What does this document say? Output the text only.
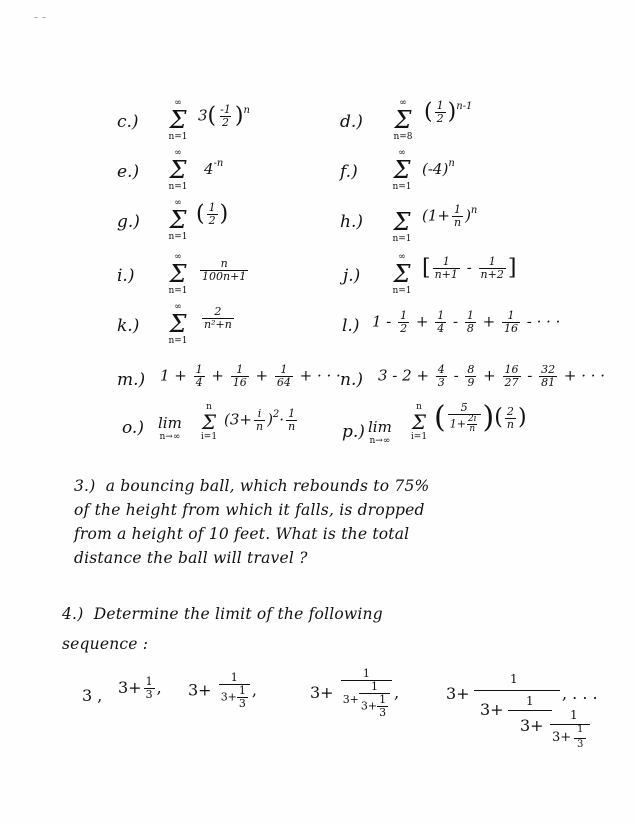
- -
c.)
∞
Σ
n=1
$3( \frac{-1}{2} )^n$
d.)
∞
Σ
n=8
( $\frac{1}{2} )^{n-1}$
e.)
∞
Σ
n=1
$4^{-n}$	f.)
∞
Σ
n=1
$(-4)^n$
g.)
∞
Σ
n=1
( $\frac{1}{2}$ )	h.) Σ
n=1
$(1+ \frac{1}{n} )^n$
i.)
∞
Σ
n=1
$\frac{n}{100n+1}$	j.)
∞
Σ
n=1
[ $\frac{1}{n+1} - \frac{1}{n+2}$ ]
k.)
∞
Σ
n=1
$\frac{2}{\text{n²+n}}$	l.) $1 - \frac{1}{2} + \frac{1}{4} - \frac{1}{8} + \frac{1}{16}$ - · · ·
m.) $1 + \frac{1}{4} + \frac{1}{16} + \frac{1}{64}$ + · · · n.) $3 - 2 + \frac{4}{3} - \frac{8}{9} + \frac{16}{27} - \frac{32}{81}$ + · · ·
o.) lim
n→∞
n
Σ
i=1
$(3+ \frac{i}{n} )^2\cdot \frac{1}{n}$	p.) lim
n→∞
n
Σ
i=1
( $\frac{5}{1+ \frac{2i}{n}}$ )( $\frac{2}{n}$ )
3.) a bouncing ball, which rebounds to 75%
of the height from which it falls, is dropped
from a height of 10 feet. What is the total
distance the ball will travel ?
4.) Determine the limit of the following
sequence :
3 , $3+ \frac{1}{3}$ , $3+ \frac{1}{3+ \frac{1}{3}}$ ,	$3+ \frac{1}{3+ \frac{1}{3+ \frac{1}{3}}}$ ,	3+
1
3+ 1
3+
1
3+
1
3
, . . .
